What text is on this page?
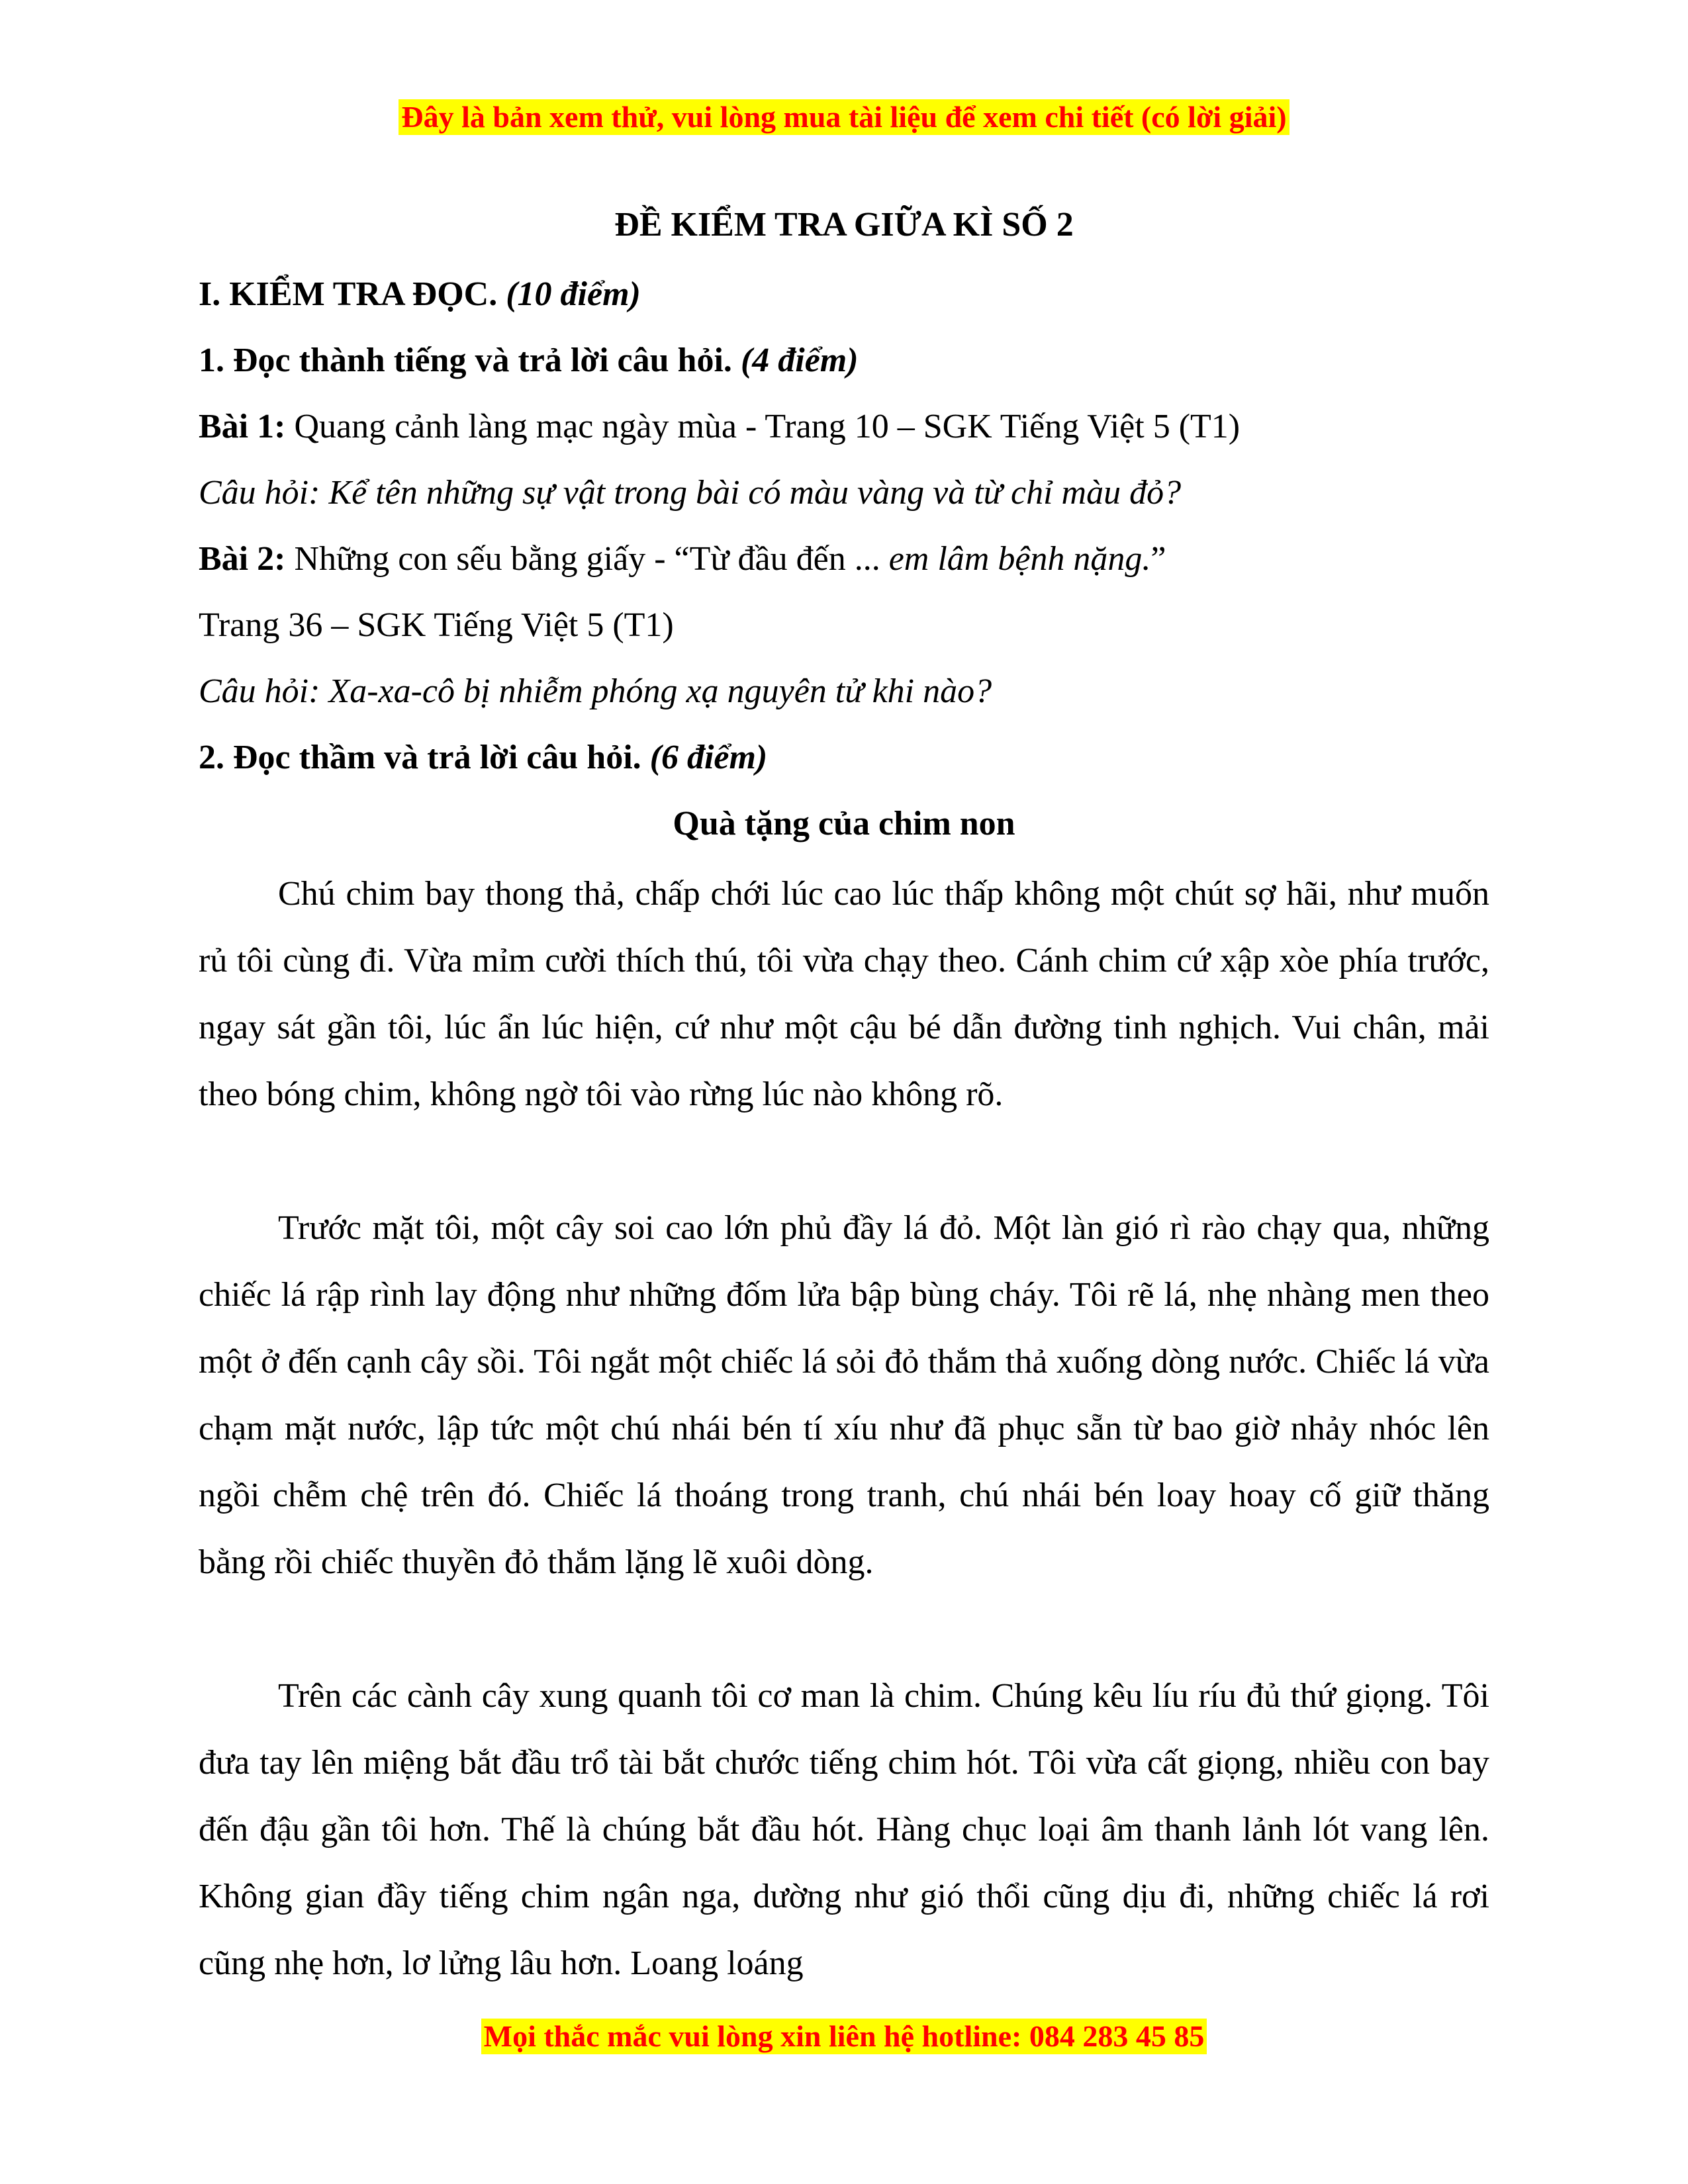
Đây là bản xem thử, vui lòng mua tài liệu để xem chi tiết (có lời giải)
ĐỀ KIỂM TRA GIỮA KÌ SỐ 2
I. KIỂM TRA ĐỌC. (10 điểm)
1. Đọc thành tiếng và trả lời câu hỏi. (4 điểm)
Bài 1: Quang cảnh làng mạc ngày mùa - Trang 10 – SGK Tiếng Việt 5 (T1)
Câu hỏi: Kể tên những sự vật trong bài có màu vàng và từ chỉ màu đỏ?
Bài 2: Những con sếu bằng giấy - “Từ đầu đến ... em lâm bệnh nặng.”
Trang 36 – SGK Tiếng Việt 5 (T1)
Câu hỏi: Xa-xa-cô bị nhiễm phóng xạ nguyên tử khi nào?
2. Đọc thầm và trả lời câu hỏi. (6 điểm)
Quà tặng của chim non

Chú chim bay thong thả, chấp chới lúc cao lúc thấp không một chút sợ hãi, như muốn rủ tôi cùng đi. Vừa mỉm cười thích thú, tôi vừa chạy theo. Cánh chim cứ xập xòe phía trước, ngay sát gần tôi, lúc ẩn lúc hiện, cứ như một cậu bé dẫn đường tinh nghịch. Vui chân, mải theo bóng chim, không ngờ tôi vào rừng lúc nào không rõ.

Trước mặt tôi, một cây soi cao lớn phủ đầy lá đỏ. Một làn gió rì rào chạy qua, những chiếc lá rập rình lay động như những đốm lửa bập bùng cháy. Tôi rẽ lá, nhẹ nhàng men theo một ở đến cạnh cây sồi. Tôi ngắt một chiếc lá sỏi đỏ thắm thả xuống dòng nước. Chiếc lá vừa chạm mặt nước, lập tức một chú nhái bén tí xíu như đã phục sẵn từ bao giờ nhảy nhóc lên ngồi chễm chệ trên đó. Chiếc lá thoáng trong tranh, chú nhái bén loay hoay cố giữ thăng bằng rồi chiếc thuyền đỏ thắm lặng lẽ xuôi dòng.

Trên các cành cây xung quanh tôi cơ man là chim. Chúng kêu líu ríu đủ thứ giọng. Tôi đưa tay lên miệng bắt đầu trổ tài bắt chước tiếng chim hót. Tôi vừa cất giọng, nhiều con bay đến đậu gần tôi hơn. Thế là chúng bắt đầu hót. Hàng chục loại âm thanh lảnh lót vang lên. Không gian đầy tiếng chim ngân nga, dường như gió thổi cũng dịu đi, những chiếc lá rơi cũng nhẹ hơn, lơ lửng lâu hơn. Loang loáng

Mọi thắc mắc vui lòng xin liên hệ hotline: 084 283 45 85
